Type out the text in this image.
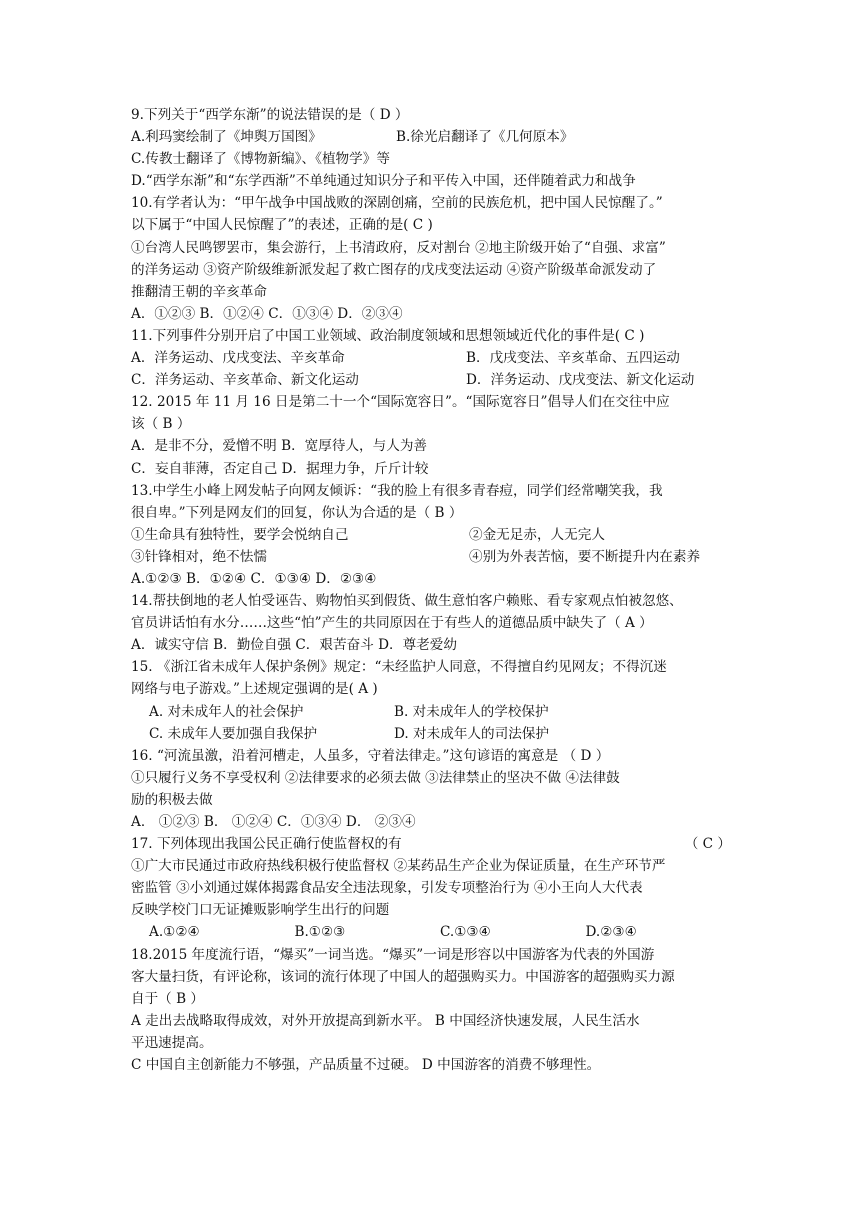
9.下列关于“西学东渐”的说法错误的是（ D ）
A.利玛窦绘制了《坤舆万国图》	B.徐光启翻译了《几何原本》
C.传教士翻译了《博物新编》、《植物学》等
D.“西学东渐”和“东学西渐”不单纯通过知识分子和平传入中国，还伴随着武力和战争
10.有学者认为：“甲午战争中国战败的深剧创痛，空前的民族危机，把中国人民惊醒了。”
以下属于“中国人民惊醒了”的表述，正确的是( C )
①台湾人民鸣锣罢市，集会游行，上书清政府，反对割台 ②地主阶级开始了“自强、求富”
的洋务运动 ③资产阶级维新派发起了救亡图存的戊戌变法运动 ④资产阶级革命派发动了
推翻清王朝的辛亥革命
A．①②③ B．①②④ C．①③④ D．②③④
11.下列事件分别开启了中国工业领域、政治制度领域和思想领域近代化的事件是( C )
A．洋务运动、戊戌变法、辛亥革命	B．戊戌变法、辛亥革命、五四运动
C．洋务运动、辛亥革命、新文化运动	D．洋务运动、戊戌变法、新文化运动
12. 2015 年 11 月 16 日是第二十一个“国际宽容日”。“国际宽容日”倡导人们在交往中应
该（ B ）
A．是非不分，爱憎不明 B．宽厚待人，与人为善
C．妄自菲薄，否定自己 D．据理力争，斤斤计较
13.中学生小峰上网发帖子向网友倾诉：“我的脸上有很多青春痘，同学们经常嘲笑我，我
很自卑。”下列是网友们的回复，你认为合适的是（ B ）
①生命具有独特性，要学会悦纳自己	②金无足赤，人无完人
③针锋相对，绝不怯懦	④别为外表苦恼，要不断提升内在素养
A.①②③ B．①②④ C．①③④ D．②③④
14.帮扶倒地的老人怕受诬告、购物怕买到假货、做生意怕客户赖账、看专家观点怕被忽悠、
官员讲话怕有水分……这些“怕”产生的共同原因在于有些人的道德品质中缺失了（ A ）
A．诚实守信 B．勤俭自强 C．艰苦奋斗 D．尊老爱幼
15. 《浙江省未成年人保护条例》规定：“未经监护人同意，不得擅自约见网友；不得沉迷
网络与电子游戏。”上述规定强调的是( A )
A. 对未成年人的社会保护	B. 对未成年人的学校保护
C. 未成年人要加强自我保护	D. 对未成年人的司法保护
16. “河流虽激，沿着河槽走，人虽多，守着法律走。”这句谚语的寓意是 （ D ）
①只履行义务不享受权利 ②法律要求的必须去做 ③法律禁止的坚决不做 ④法律鼓
励的积极去做
A． ①②③ B． ①②④ C．①③④ D． ②③④
17. 下列体现出我国公民正确行使监督权的有	（ C ）
①广大市民通过市政府热线积极行使监督权 ②某药品生产企业为保证质量，在生产环节严
密监管 ③小刘通过媒体揭露食品安全违法现象，引发专项整治行为 ④小王向人大代表
反映学校门口无证摊贩影响学生出行的问题
A.①②④	B.①②③	C.①③④	D.②③④
18.2015 年度流行语，“爆买”一词当选。“爆买”一词是形容以中国游客为代表的外国游
客大量扫货，有评论称，该词的流行体现了中国人的超强购买力。中国游客的超强购买力源
自于（ B ）
A 走出去战略取得成效，对外开放提高到新水平。 B 中国经济快速发展，人民生活水
平迅速提高。
C 中国自主创新能力不够强，产品质量不过硬。 D 中国游客的消费不够理性。
